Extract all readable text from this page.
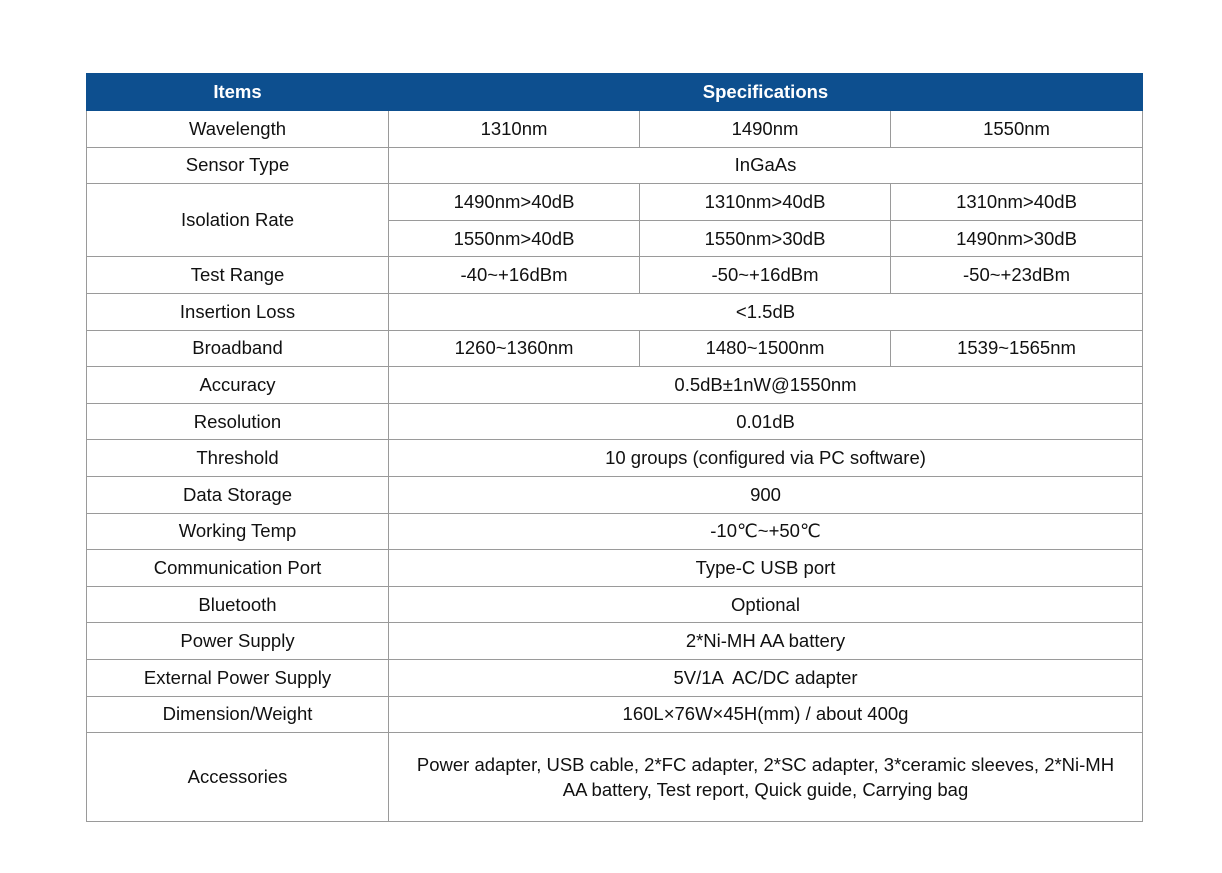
Items	Specifications		
Wavelength	1310nm	1490nm	1550nm
Sensor Type	InGaAs		
Isolation Rate	1490nm>40dB	1310nm>40dB	1310nm>40dB
	1550nm>40dB	1550nm>30dB	1490nm>30dB
Test Range	-40~+16dBm	-50~+16dBm	-50~+23dBm
Insertion Loss	<1.5dB		
Broadband	1260~1360nm	1480~1500nm	1539~1565nm
Accuracy	0.5dB±1nW@1550nm		
Resolution	0.01dB		
Threshold	10 groups (configured via PC software)		
Data Storage	900		
Working Temp	-10℃~+50℃		
Communication Port	Type-C USB port		
Bluetooth	Optional		
Power Supply	2*Ni-MH AA battery		
External Power Supply	5V/1A  AC/DC adapter		
Dimension/Weight	160L×76W×45H(mm) / about 400g		
Accessories	Power adapter, USB cable, 2*FC adapter, 2*SC adapter, 3*ceramic sleeves, 2*Ni-MH AA battery, Test report, Quick guide, Carrying bag		
